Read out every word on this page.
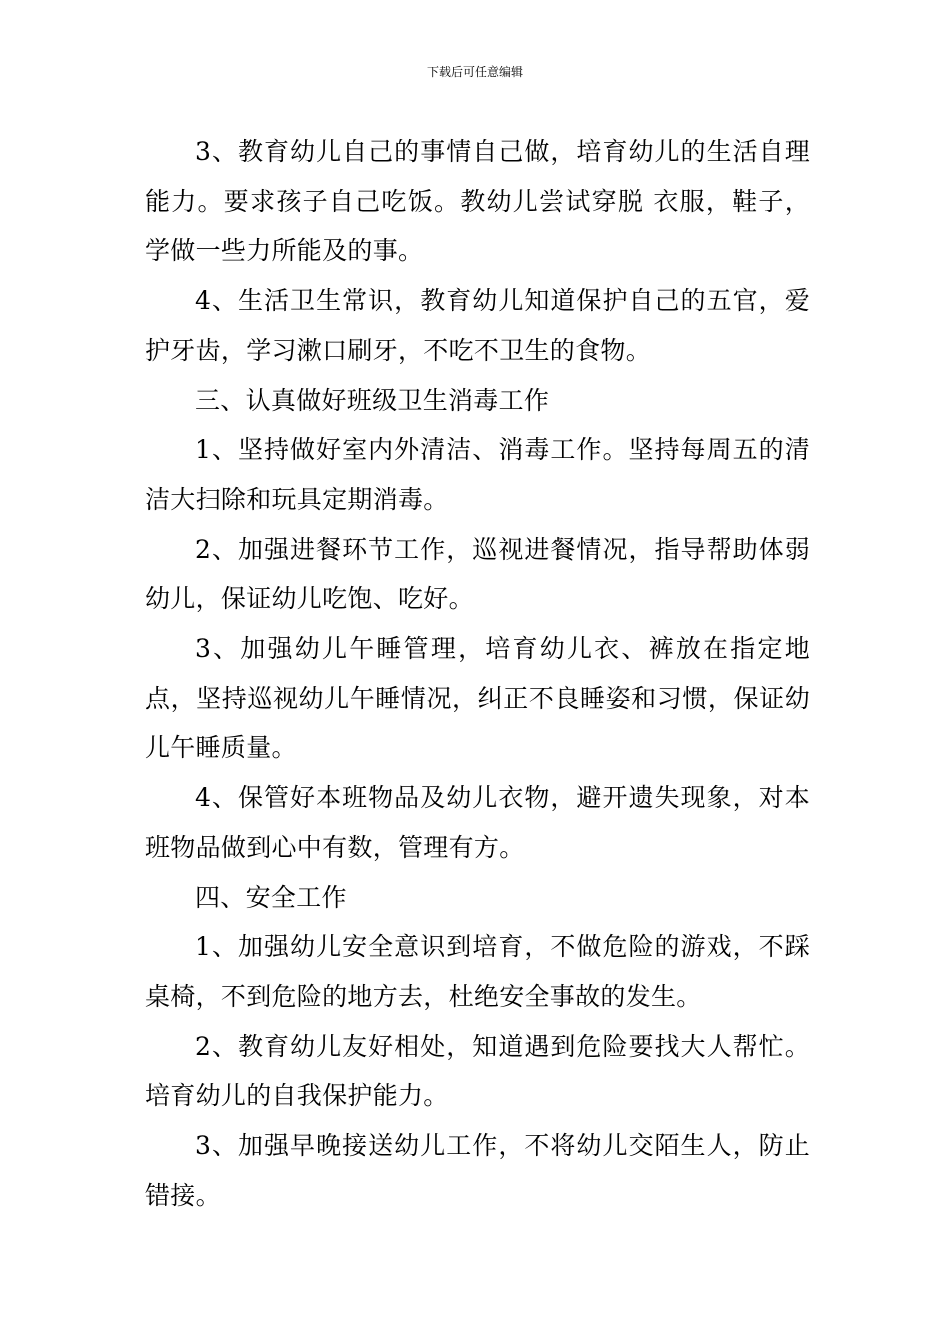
下载后可任意编辑

3、教育幼儿自己的事情自己做，培育幼儿的生活自理能力。要求孩子自己吃饭。教幼儿尝试穿脱 衣服，鞋子，学做一些力所能及的事。

4、生活卫生常识，教育幼儿知道保护自己的五官，爱护牙齿，学习漱口刷牙，不吃不卫生的食物。

三、认真做好班级卫生消毒工作

1、坚持做好室内外清洁、消毒工作。坚持每周五的清洁大扫除和玩具定期消毒。

2、加强进餐环节工作，巡视进餐情况，指导帮助体弱幼儿，保证幼儿吃饱、吃好。

3、加强幼儿午睡管理，培育幼儿衣、裤放在指定地点，坚持巡视幼儿午睡情况，纠正不良睡姿和习惯，保证幼儿午睡质量。

4、保管好本班物品及幼儿衣物，避开遗失现象，对本班物品做到心中有数，管理有方。

四、安全工作

1、加强幼儿安全意识到培育，不做危险的游戏，不踩桌椅，不到危险的地方去，杜绝安全事故的发生。

2、教育幼儿友好相处，知道遇到危险要找大人帮忙。培育幼儿的自我保护能力。

3、加强早晚接送幼儿工作，不将幼儿交陌生人，防止错接。
